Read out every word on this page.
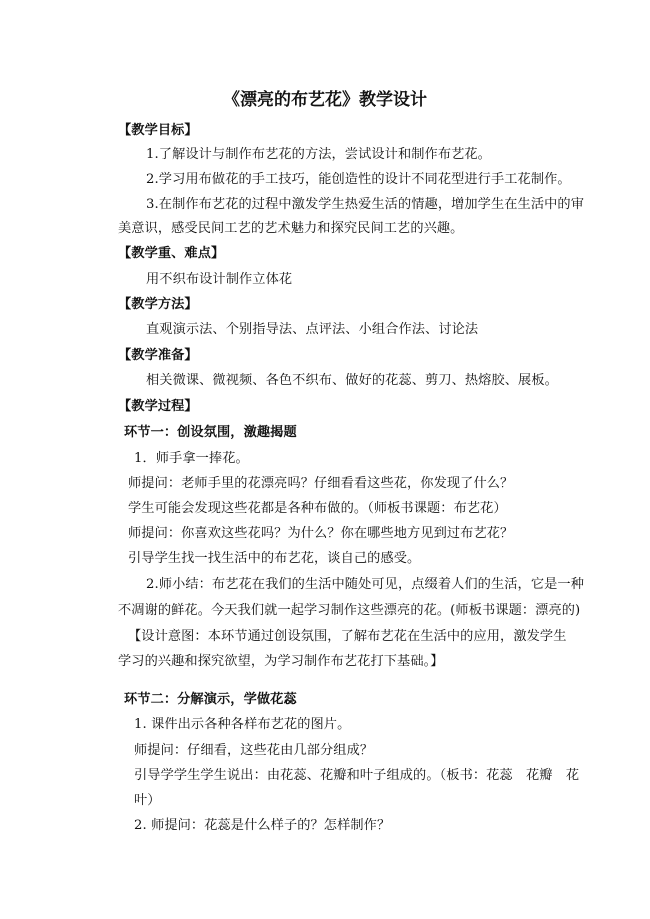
《漂亮的布艺花》教学设计
【教学目标】
1.了解设计与制作布艺花的方法，尝试设计和制作布艺花。
2.学习用布做花的手工技巧，能创造性的设计不同花型进行手工花制作。
3.在制作布艺花的过程中激发学生热爱生活的情趣，增加学生在生活中的审
美意识，感受民间工艺的艺术魅力和探究民间工艺的兴趣。
【教学重、难点】
用不织布设计制作立体花
【教学方法】
直观演示法、个别指导法、点评法、小组合作法、讨论法
【教学准备】
相关微课、微视频、各色不织布、做好的花蕊、剪刀、热熔胶、展板。
【教学过程】
环节一：创设氛围，激趣揭题
1．师手拿一捧花。
师提问：老师手里的花漂亮吗？仔细看看这些花，你发现了什么？
学生可能会发现这些花都是各种布做的。（师板书课题：布艺花）
师提问：你喜欢这些花吗？为什么？你在哪些地方见到过布艺花？
引导学生找一找生活中的布艺花，谈自己的感受。
2.师小结：布艺花在我们的生活中随处可见，点缀着人们的生活，它是一种
不凋谢的鲜花。今天我们就一起学习制作这些漂亮的花。(师板书课题：漂亮的)
【设计意图：本环节通过创设氛围，了解布艺花在生活中的应用，激发学生
学习的兴趣和探究欲望，为学习制作布艺花打下基础。】
环节二：分解演示，学做花蕊
1. 课件出示各种各样布艺花的图片。
师提问：仔细看，这些花由几部分组成？
引导学学生学生说出：由花蕊、花瓣和叶子组成的。（板书：花蕊　花瓣　花
叶）
2. 师提问：花蕊是什么样子的？怎样制作？
